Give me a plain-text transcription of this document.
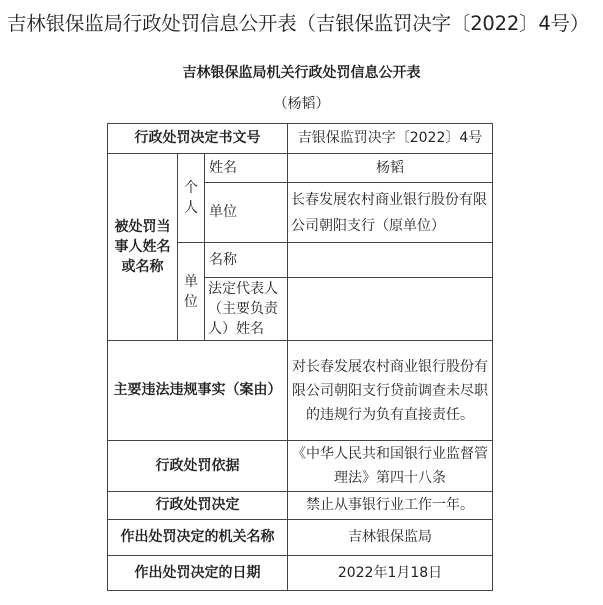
吉林银保监局行政处罚信息公开表（吉银保监罚决字〔2022〕4号）
吉林银保监局机关行政处罚信息公开表
（杨韬）
行政处罚决定书文号			吉银保监罚决字〔2022〕4号
被处罚当事人姓名或名称	个人	姓名	杨韬
		单位	长春发展农村商业银行股份有限公司朝阳支行（原单位）
	单位	名称	
		法定代表人（主要负责人）姓名	
主要违法违规事实（案由）			对长春发展农村商业银行股份有限公司朝阳支行贷前调查未尽职的违规行为负有直接责任。
行政处罚依据			《中华人民共和国银行业监督管理法》第四十八条
行政处罚决定			禁止从事银行业工作一年。
作出处罚决定的机关名称			吉林银保监局
作出处罚决定的日期			2022年1月18日
